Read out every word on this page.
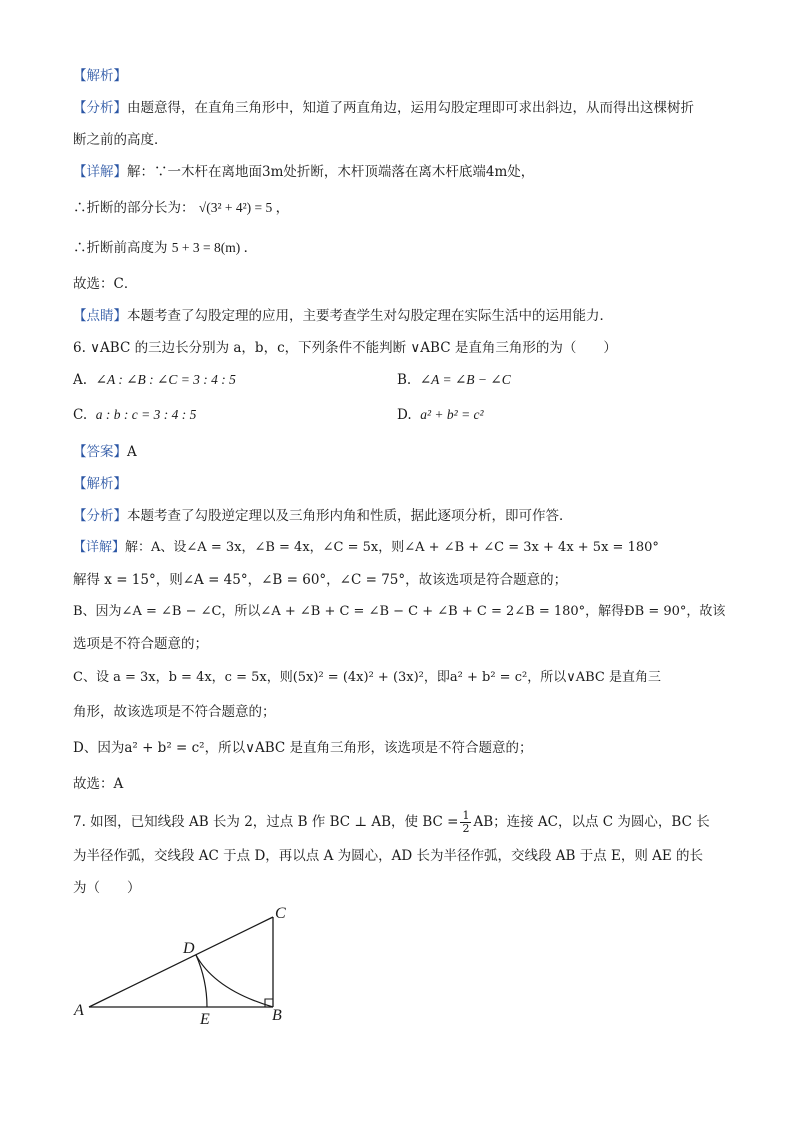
【解析】
【分析】由题意得，在直角三角形中，知道了两直角边，运用勾股定理即可求出斜边，从而得出这棵树折
断之前的高度．
【详解】解：∵一木杆在离地面3m处折断，木杆顶端落在离木杆底端4m处，
∴折断的部分长为： √(3² + 4²) = 5 ，
∴折断前高度为 5 + 3 = 8(m) ．
故选：C．
【点睛】本题考查了勾股定理的应用，主要考查学生对勾股定理在实际生活中的运用能力．
6. ∨ABC 的三边长分别为 a，b，c，下列条件不能判断 ∨ABC 是直角三角形的为（　　）
A. ∠A : ∠B : ∠C = 3 : 4 : 5	B. ∠A = ∠B − ∠C
C. a : b : c = 3 : 4 : 5	D. a² + b² = c²
【答案】A
【解析】
【分析】本题考查了勾股逆定理以及三角形内角和性质，据此逐项分析，即可作答．
【详解】解：A、设∠A = 3x，∠B = 4x，∠C = 5x，则∠A + ∠B + ∠C = 3x + 4x + 5x = 180°
解得 x = 15°，则∠A = 45°，∠B = 60°，∠C = 75°，故该选项是符合题意的；
B、因为∠A = ∠B − ∠C，所以∠A + ∠B + C = ∠B − C + ∠B + C = 2∠B = 180°，解得ÐB = 90°，故该
选项是不符合题意的；
C、设 a = 3x，b = 4x，c = 5x，则(5x)² = (4x)² + (3x)²，即a² + b² = c²，所以∨ABC 是直角三
角形，故该选项是不符合题意的；
D、因为a² + b² = c²，所以∨ABC 是直角三角形，该选项是不符合题意的；
故选：A
7. 如图，已知线段 AB 长为 2，过点 B 作 BC ⊥ AB，使 BC = $\frac{1}{2}$ AB；连接 AC，以点 C 为圆心，BC 长
为半径作弧，交线段 AC 于点 D，再以点 A 为圆心，AD 长为半径作弧，交线段 AB 于点 E，则 AE 的长
为（　　）
A	B
C
D
E
